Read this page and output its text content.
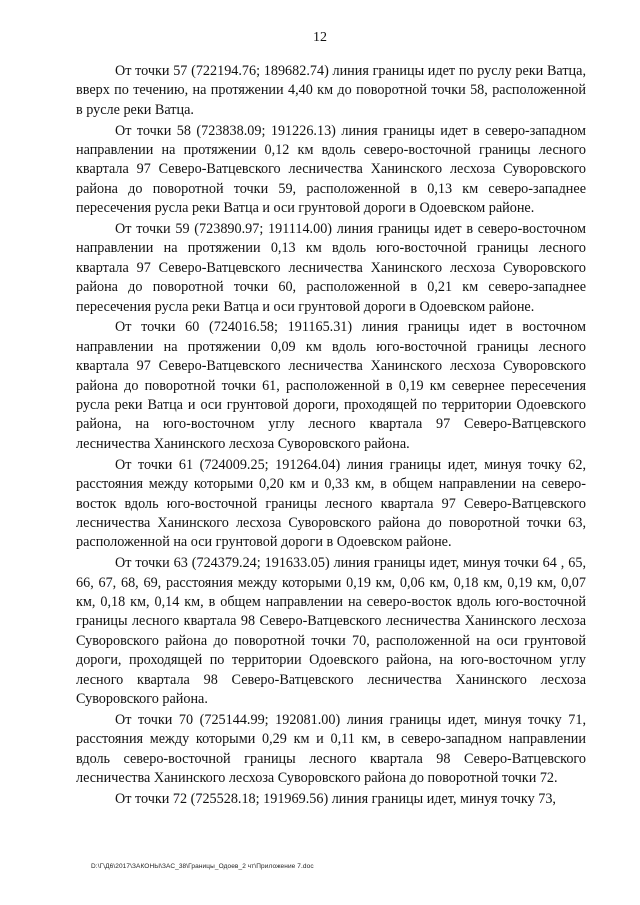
12

От точки 57 (722194.76; 189682.74) линия границы идет по руслу реки Ватца, вверх по течению, на протяжении 4,40 км до поворотной точки 58, расположенной в русле реки Ватца.

От точки 58 (723838.09; 191226.13) линия границы идет в северо-западном направлении на протяжении 0,12 км вдоль северо-восточной границы лесного квартала 97 Северо-Ватцевского лесничества Ханинского лесхоза Суворовского района до поворотной точки 59, расположенной в 0,13 км северо-западнее пересечения русла реки Ватца и оси грунтовой дороги в Одоевском районе.

От точки 59 (723890.97; 191114.00) линия границы идет в северо-восточном направлении на протяжении 0,13 км вдоль юго-восточной границы лесного квартала 97 Северо-Ватцевского лесничества Ханинского лесхоза Суворовского района до поворотной точки 60, расположенной в 0,21 км северо-западнее пересечения русла реки Ватца и оси грунтовой дороги в Одоевском районе.

От точки 60 (724016.58; 191165.31) линия границы идет в восточном направлении на протяжении 0,09 км вдоль юго-восточной границы лесного квартала 97 Северо-Ватцевского лесничества Ханинского лесхоза Суворовского района до поворотной точки 61, расположенной в 0,19 км севернее пересечения русла реки Ватца и оси грунтовой дороги, проходящей по территории Одоевского района, на юго-восточном углу лесного квартала 97 Северо-Ватцевского лесничества Ханинского лесхоза Суворовского района.

От точки 61 (724009.25; 191264.04) линия границы идет, минуя точку 62, расстояния между которыми 0,20 км и 0,33 км, в общем направлении на северо-восток вдоль юго-восточной границы лесного квартала 97 Северо-Ватцевского лесничества Ханинского лесхоза Суворовского района до поворотной точки 63, расположенной на оси грунтовой дороги в Одоевском районе.

От точки 63 (724379.24; 191633.05) линия границы идет, минуя точки 64 , 65, 66, 67, 68, 69, расстояния между которыми 0,19 км, 0,06 км, 0,18 км, 0,19 км, 0,07 км, 0,18 км, 0,14 км, в общем направлении на северо-восток вдоль юго-восточной границы лесного квартала 98 Северо-Ватцевского лесничества Ханинского лесхоза Суворовского района до поворотной точки 70, расположенной на оси грунтовой дороги, проходящей по территории Одоевского района, на юго-восточном углу лесного квартала 98 Северо-Ватцевского лесничества Ханинского лесхоза Суворовского района.

От точки 70 (725144.99; 192081.00) линия границы идет, минуя точку 71, расстояния между которыми 0,29 км и 0,11 км, в северо-западном направлении вдоль северо-восточной границы лесного квартала 98 Северо-Ватцевского лесничества Ханинского лесхоза Суворовского района до поворотной точки 72.

От точки 72 (725528.18; 191969.56) линия границы идет, минуя точку 73,

D:\Г\Д6\2017\ЗАКОНЫ\ЗАС_38\Границы_Одоев_2 чт\Приложение 7.doc
